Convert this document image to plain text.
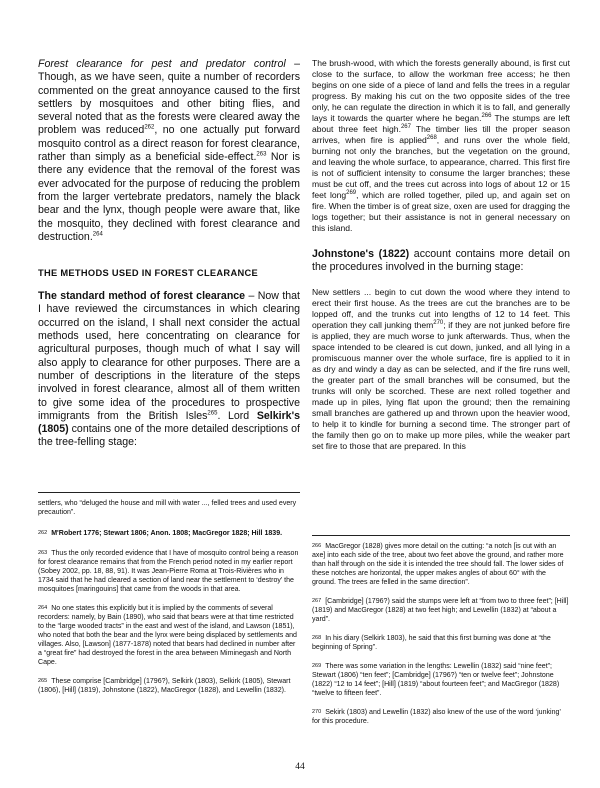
Forest clearance for pest and predator control – Though, as we have seen, quite a number of recorders commented on the great annoyance caused to the first settlers by mosquitoes and other biting flies, and several noted that as the forests were cleared away the problem was reduced$^{262}$, no one actually put forward mosquito control as a direct reason for forest clearance, rather than simply as a beneficial side-effect.$^{263}$ Nor is there any evidence that the removal of the forest was ever advocated for the purpose of reducing the problem from the larger vertebrate predators, namely the black bear and the lynx, though people were aware that, like the mosquito, they declined with forest clearance and destruction.$^{264}$

THE METHODS USED IN FOREST CLEARANCE

The standard method of forest clearance – Now that I have reviewed the circumstances in which clearing occurred on the island, I shall next consider the actual methods used, here concentrating on clearance for agricultural purposes, though much of what I say will also apply to clearance for other purposes. There are a number of descriptions in the literature of the steps involved in forest clearance, almost all of them written to give some idea of the procedures to prospective immigrants from the British Isles$^{265}$. Lord Selkirk's (1805) contains one of the more detailed descriptions of the tree-felling stage:

settlers, who “deluged the house and mill with water ..., felled trees and used every precaution”.

$^{262}$ M'Robert 1776; Stewart 1806; Anon. 1808; MacGregor 1828; Hill 1839.

$^{263}$ Thus the only recorded evidence that I have of mosquito control being a reason for forest clearance remains that from the French period noted in my earlier report (Sobey 2002, pp. 18, 88, 91). It was Jean-Pierre Roma at Trois-Rivières who in 1734 said that he had cleared a section of land near the settlement to ‘destroy’ the mosquitoes [maringouins] that came from the woods in that area.

$^{264}$ No one states this explicitly but it is implied by the comments of several recorders: namely, by Bain (1890), who said that bears were at that time restricted to the “large wooded tracts” in the east and west of the island, and Lawson (1851), who noted that both the bear and the lynx were being displaced by settlements and villages. Also, [Lawson] (1877-1878) noted that bears had declined in number after a “great fire” had destroyed the forest in the area between Miminegash and North Cape.

$^{265}$ These comprise [Cambridge] (1796?), Selkirk (1803), Selkirk (1805), Stewart (1806), [Hill] (1819), Johnstone (1822), MacGregor (1828), and Lewellin (1832).

The brush-wood, with which the forests generally abound, is first cut close to the surface, to allow the workman free access; he then begins on one side of a piece of land and fells the trees in a regular progress. By making his cut on the two opposite sides of the tree only, he can regulate the direction in which it is to fall, and generally lays it towards the quarter where he began.$^{266}$ The stumps are left about three feet high.$^{267}$ The timber lies till the proper season arrives, when fire is applied$^{268}$, and runs over the whole field, burning not only the branches, but the vegetation on the ground, and leaving the whole surface, to appearance, charred. This first fire is not of sufficient intensity to consume the larger branches; these must be cut off, and the trees cut across into logs of about 12 or 15 feet long$^{269}$, which are rolled together, piled up, and again set on fire. When the timber is of great size, oxen are used for dragging the logs together; but their assistance is not in general necessary on this island.

Johnstone's (1822) account contains more detail on the procedures involved in the burning stage:

New settlers ... begin to cut down the wood where they intend to erect their first house. As the trees are cut the branches are to be lopped off, and the trunks cut into lengths of 12 to 14 feet. This operation they call junking them$^{270}$; if they are not junked before fire is applied, they are much worse to junk afterwards. Thus, when the space intended to be cleared is cut down, junked, and all lying in a promiscuous manner over the whole surface, fire is applied to it in as dry and windy a day as can be selected, and if the fire runs well, the greater part of the small branches will be consumed, but the trunks will only be scorched. These are next rolled together and made up in piles, lying flat upon the ground; then the remaining small branches are gathered up and thrown upon the heavier wood, to help it to kindle for burning a second time. The stronger part of the family then go on to make up more piles, while the weaker part set fire to those that are prepared. In this

$^{266}$ MacGregor (1828) gives more detail on the cutting: “a notch [is cut with an axe] into each side of the tree, about two feet above the ground, and rather more than half through on the side it is intended the tree should fall. The lower sides of these notches are horizontal, the upper makes angles of about 60° with the ground. The trees are felled in the same direction”.

$^{267}$ [Cambridge] (1796?) said the stumps were left at “from two to three feet”; [Hill] (1819) and MacGregor (1828) at two feet high; and Lewellin (1832) at “about a yard”.

$^{268}$ In his diary (Selkirk 1803), he said that this first burning was done at “the beginning of Spring”.

$^{269}$ There was some variation in the lengths: Lewellin (1832) said “nine feet”; Stewart (1806) “ten feet”; [Cambridge] (1796?) “ten or twelve feet”; Johnstone (1822) “12 to 14 feet”; [Hill] (1819) “about fourteen feet”; and MacGregor (1828) “twelve to fifteen feet”.

$^{270}$ Sekirk (1803) and Lewellin (1832) also knew of the use of the word ‘junking’ for this procedure.

44
